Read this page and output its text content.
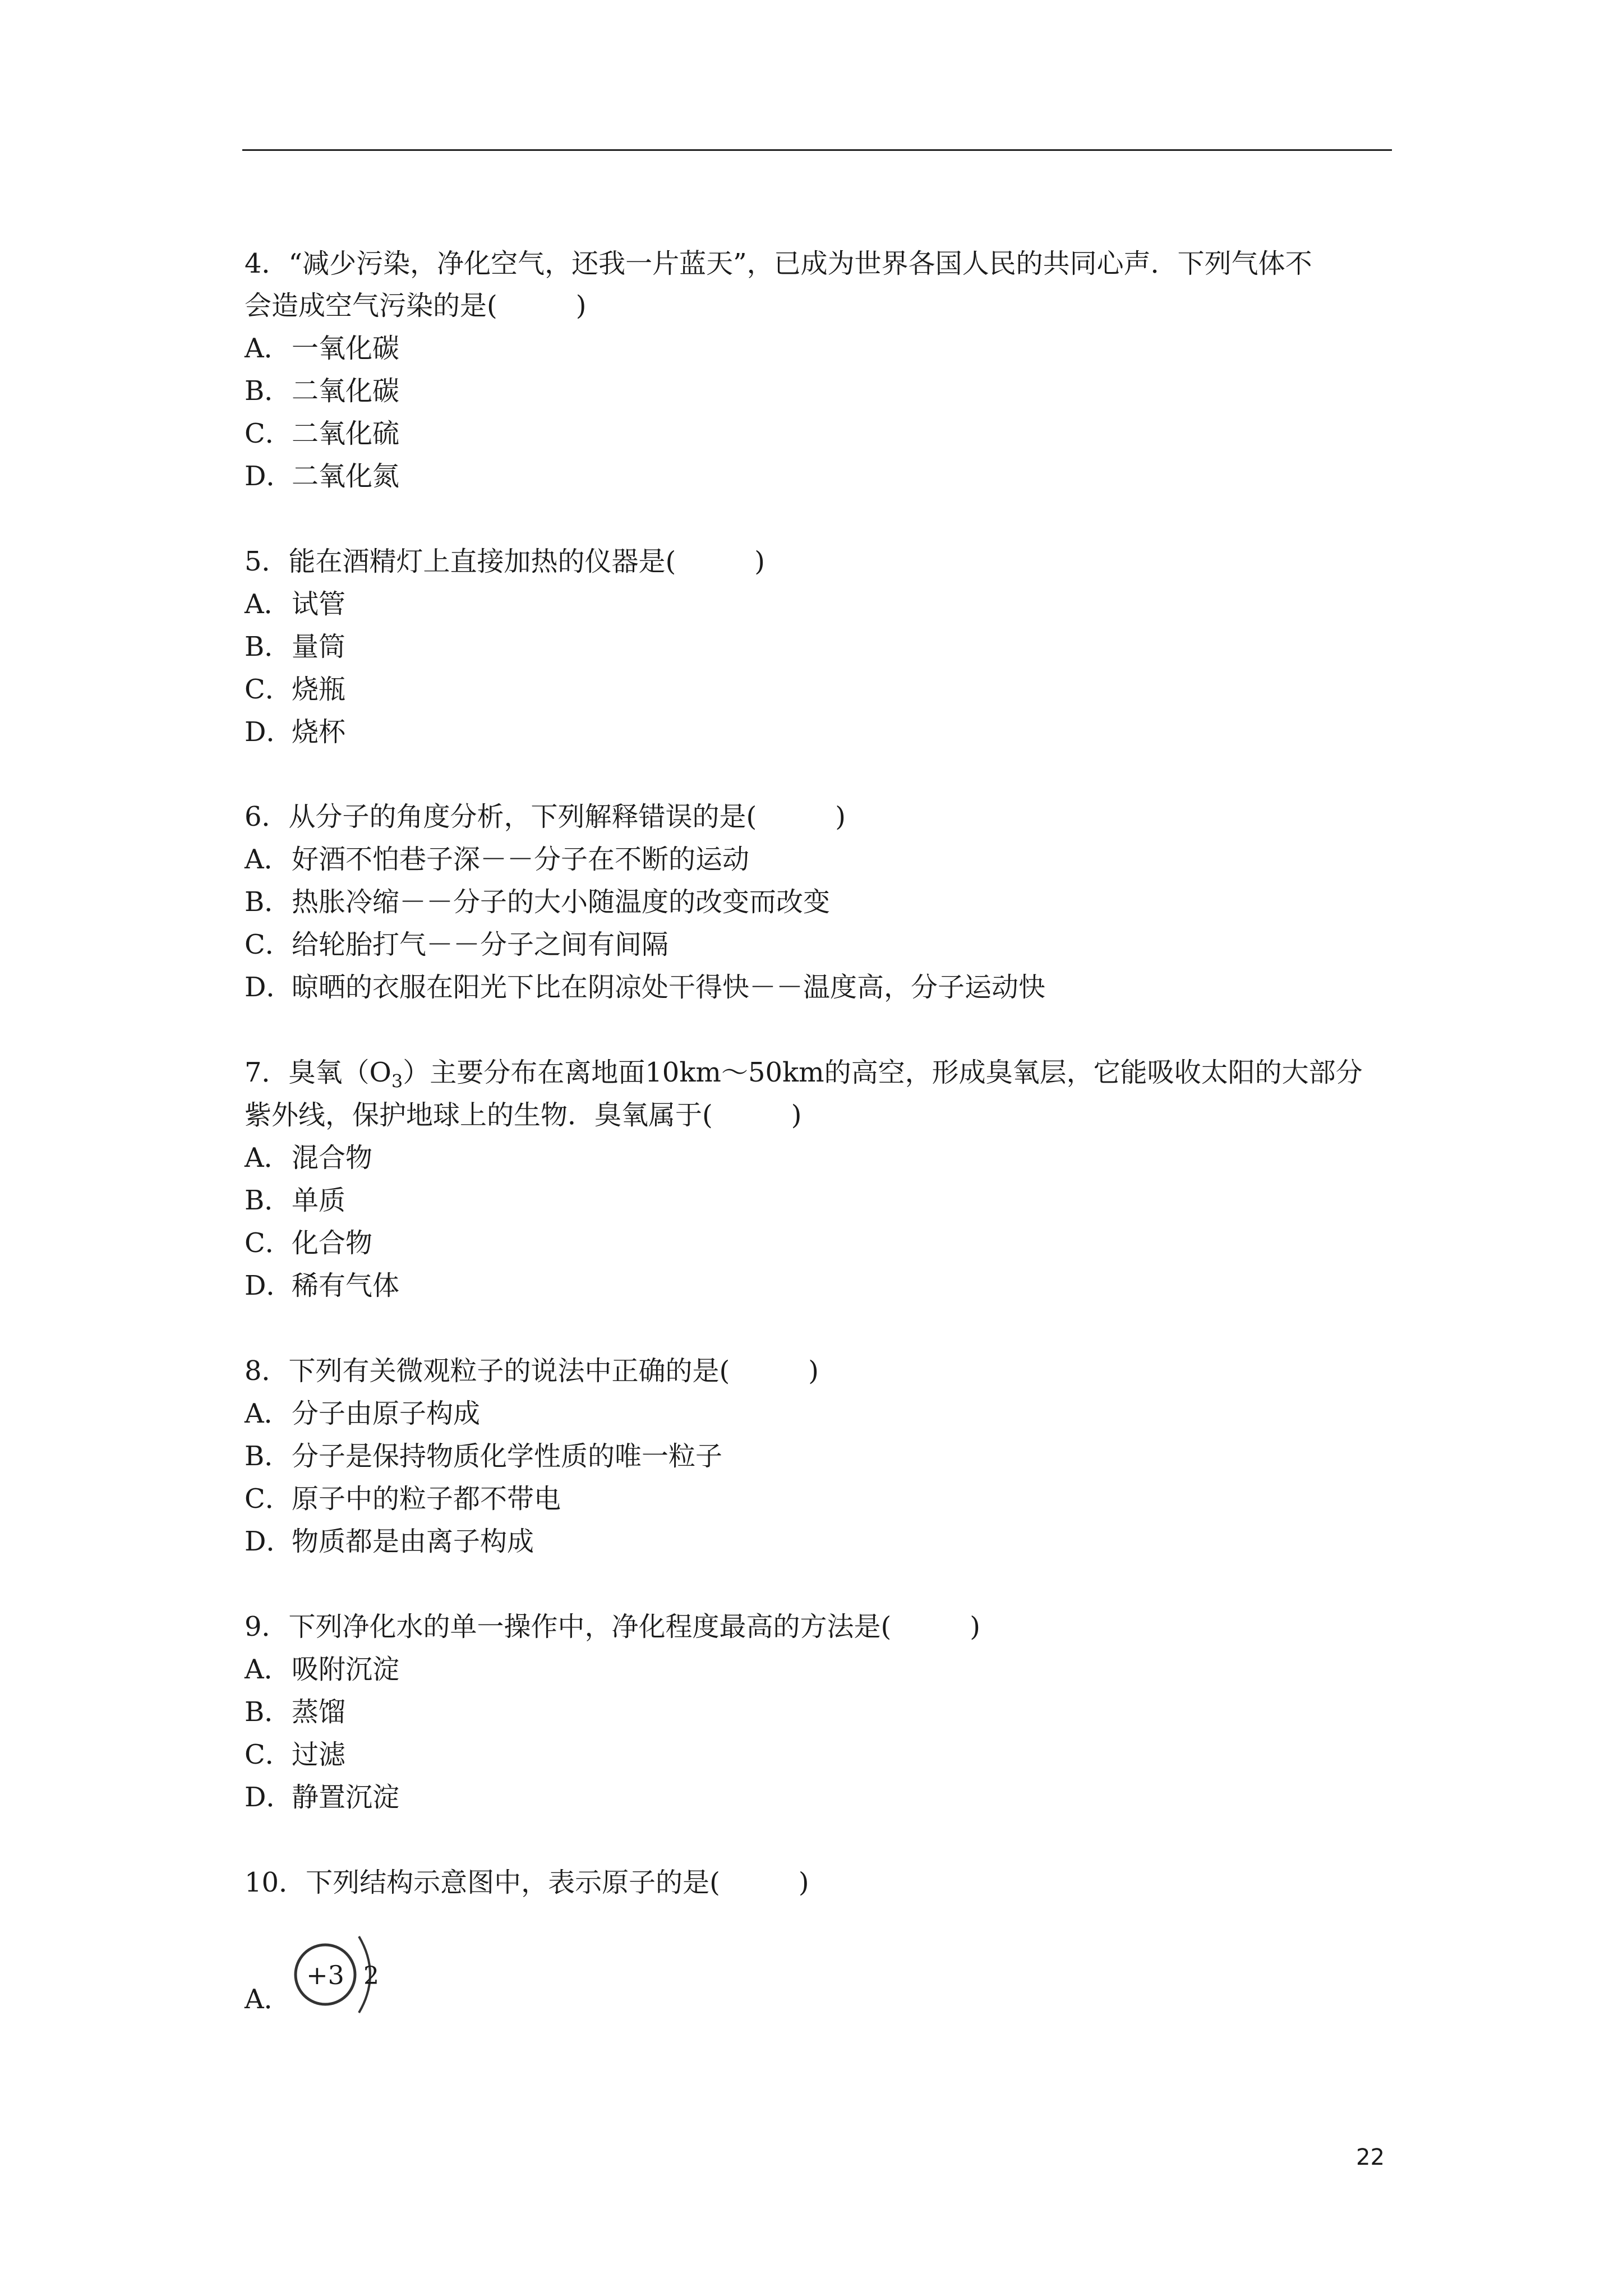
4．“减少污染，净化空气，还我一片蓝天”，已成为世界各国人民的共同心声．下列气体不
会造成空气污染的是(	)
A．一氧化碳
B．二氧化碳
C．二氧化硫
D．二氧化氮
5．能在酒精灯上直接加热的仪器是(	)
A．试管
B．量筒
C．烧瓶
D．烧杯
6．从分子的角度分析，下列解释错误的是(	)
A．好酒不怕巷子深－－分子在不断的运动
B．热胀冷缩－－分子的大小随温度的改变而改变
C．给轮胎打气－－分子之间有间隔
D．晾晒的衣服在阳光下比在阴凉处干得快－－温度高，分子运动快
7．臭氧$(O_3)$主要分布在离地面10km～50km的高空，形成臭氧层，它能吸收太阳的大部分
紫外线，保护地球上的生物．臭氧属于(	)
A．混合物
B．单质
C．化合物
D．稀有气体
8．下列有关微观粒子的说法中正确的是(	)
A．分子由原子构成
B．分子是保持物质化学性质的唯一粒子
C．原子中的粒子都不带电
D．物质都是由离子构成
9．下列净化水的单一操作中，净化程度最高的方法是(	)
A．吸附沉淀
B．蒸馏
C．过滤
D．静置沉淀
10．下列结构示意图中，表示原子的是(	)
A．
+3 2
22
